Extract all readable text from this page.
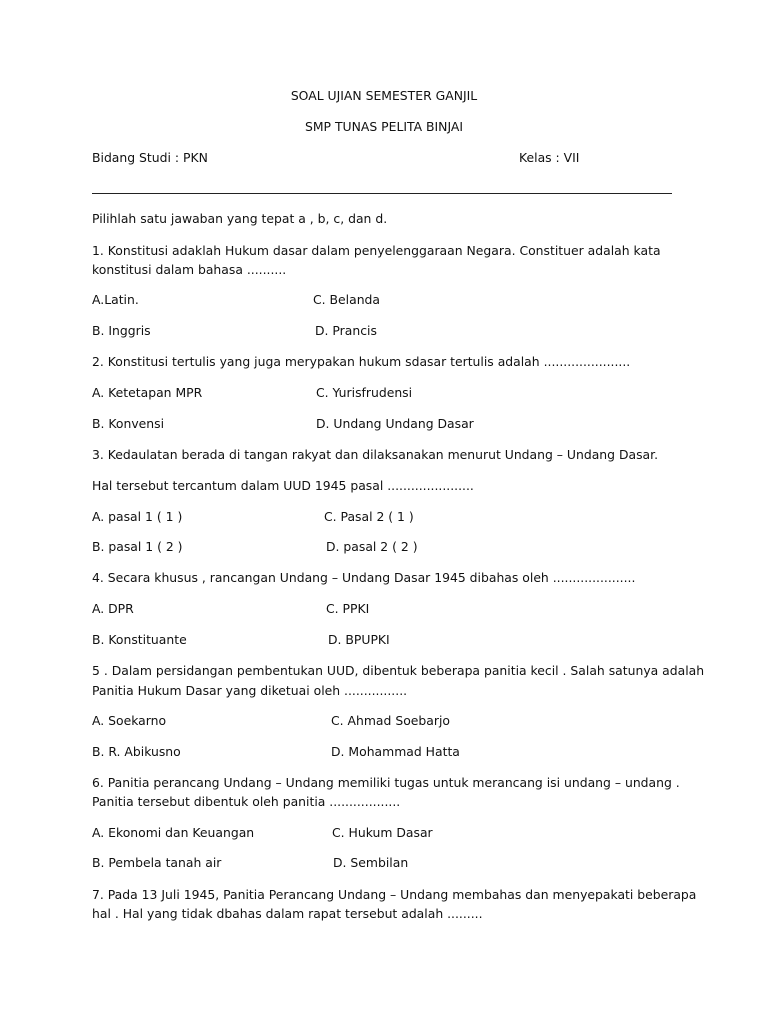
SOAL UJIAN SEMESTER GANJIL
SMP TUNAS PELITA BINJAI
Bidang Studi : PKN	Kelas : VII
Pilihlah satu jawaban yang tepat a , b, c, dan d.
1. Konstitusi adaklah Hukum dasar dalam penyelenggaraan Negara. Constituer adalah kata
konstitusi dalam bahasa ..........
A.Latin.	C. Belanda
B. Inggris	D. Prancis
2. Konstitusi tertulis yang juga merypakan hukum sdasar tertulis adalah ......................
A. Ketetapan MPR	C. Yurisfrudensi
B. Konvensi	D. Undang Undang Dasar
3. Kedaulatan berada di tangan rakyat dan dilaksanakan menurut Undang – Undang Dasar.
Hal tersebut tercantum dalam UUD 1945 pasal ......................
A. pasal 1 ( 1 )	C. Pasal 2 ( 1 )
B. pasal 1 ( 2 )	D. pasal 2 ( 2 )
4. Secara khusus , rancangan Undang – Undang Dasar 1945 dibahas oleh .....................
A. DPR	C. PPKI
B. Konstituante	D. BPUPKI
5 . Dalam persidangan pembentukan UUD, dibentuk beberapa panitia kecil . Salah satunya adalah
Panitia Hukum Dasar yang diketuai oleh ................
A. Soekarno	C. Ahmad Soebarjo
B. R. Abikusno	D. Mohammad Hatta
6. Panitia perancang Undang – Undang memiliki tugas untuk merancang isi undang – undang .
Panitia tersebut dibentuk oleh panitia ..................
A. Ekonomi dan Keuangan	C. Hukum Dasar
B. Pembela tanah air	D. Sembilan
7. Pada 13 Juli 1945, Panitia Perancang Undang – Undang membahas dan menyepakati beberapa
hal . Hal yang tidak dbahas dalam rapat tersebut adalah .........
